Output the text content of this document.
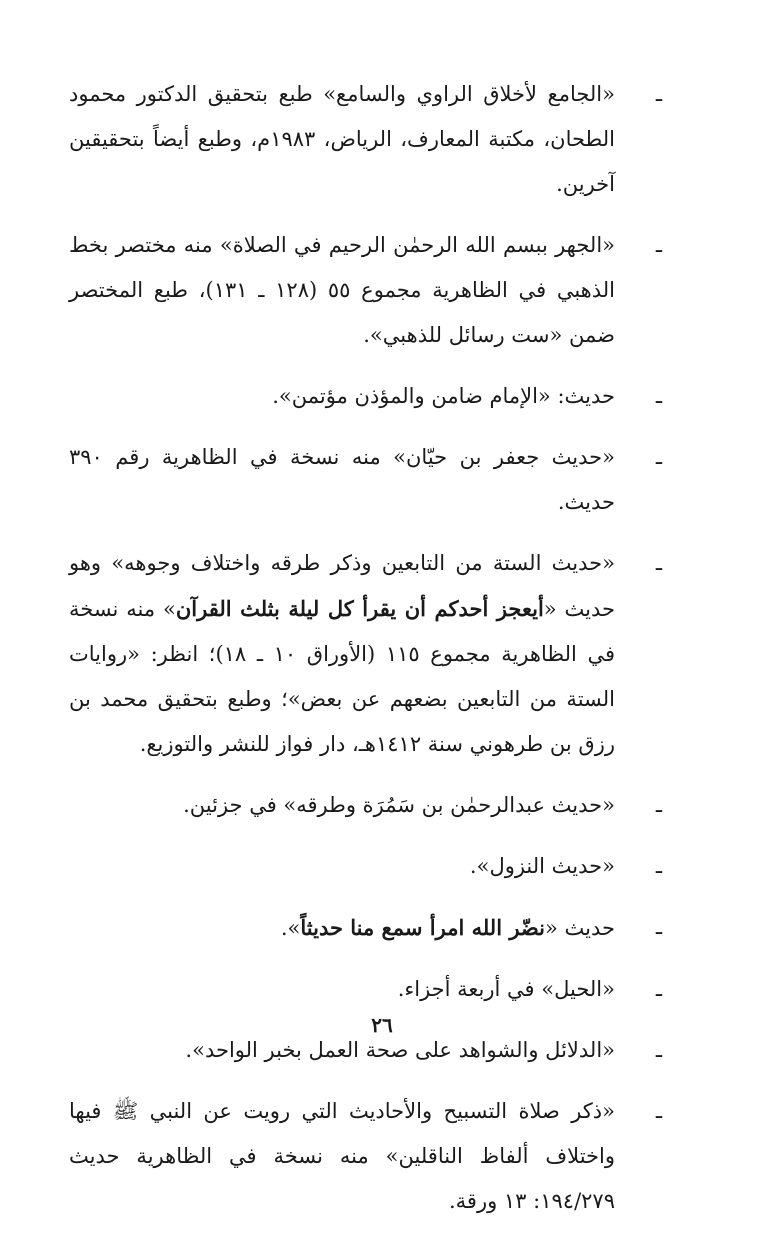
ـ
«الجامع لأخلاق الراوي والسامع» طبع بتحقيق الدكتور محمود الطحان، مكتبة المعارف، الرياض، ١٩٨٣م، وطبع أيضاً بتحقيقين آخرين.
ـ
«الجهر ببسم الله الرحمٰن الرحيم في الصلاة» منه مختصر بخط الذهبي في الظاهرية مجموع ٥٥ (١٢٨ ـ ١٣١)، طبع المختصر ضمن «ست رسائل للذهبي».
ـ
حديث: «الإمام ضامن والمؤذن مؤتمن».
ـ
«حديث جعفر بن حيّان» منه نسخة في الظاهرية رقم ٣٩٠ حديث.
ـ
«حديث الستة من التابعين وذكر طرقه واختلاف وجوهه» وهو حديث «أيعجز أحدكم أن يقرأ كل ليلة بثلث القرآن» منه نسخة في الظاهرية مجموع ١١٥ (الأوراق ١٠ ـ ١٨)؛ انظر: «روايات الستة من التابعين بضعهم عن بعض»؛ وطبع بتحقيق محمد بن رزق بن طرهوني سنة ١٤١٢هـ، دار فواز للنشر والتوزيع.
ـ
«حديث عبدالرحمٰن بن سَمُرَة وطرقه» في جزئين.
ـ
«حديث النزول».
ـ
حديث «نضّر الله امرأ سمع منا حديثاً».
ـ
«الحيل» في أربعة أجزاء.
ـ
«الدلائل والشواهد على صحة العمل بخبر الواحد».
ـ
«ذكر صلاة التسبيح والأحاديث التي رويت عن النبي ﷺ فيها واختلاف ألفاظ الناقلين» منه نسخة في الظاهرية حديث ١٩٤/٢٧٩: ١٣ ورقة.
٢٦
